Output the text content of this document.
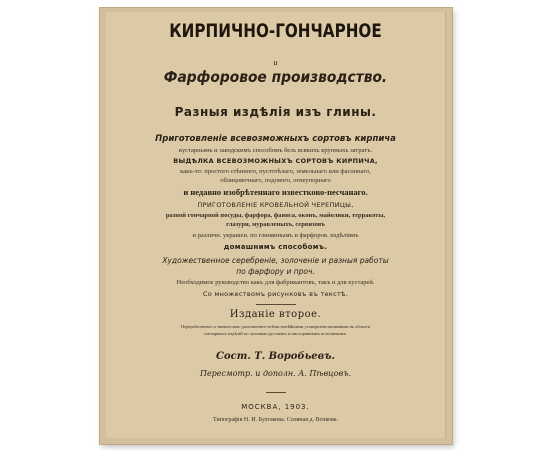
КИРПИЧНО-ГОНЧАРНОЕ
и
Фарфоровое производство.
Разныя издѣлія изъ глины.
Приготовленіе всевозможныхъ сортовъ кирпича
кустарнымъ и заводскимъ способомъ безъ всякихъ крупныхъ затратъ.
ВЫДѢЛКА ВСЕВОЗМОЖНЫХЪ СОРТОВЪ КИРПИЧА,
какъ-то: простого стѣнного, пустотѣлаго, земельнаго или фасоннаго,
облицовочнаго, подового, огнеупорнаго
и недавно изобрѣтеннаго известково-песчанаго.
ПРИГОТОВЛЕНІЕ КРОВЕЛЬНОЙ ЧЕРЕПИЦЫ,
разной гончарной посуды, фарфора, фаянса, оконъ, майолики, терракоты,
глазури, муравленыхъ, сервизовъ
и различн. украшен. по глиняннымъ и фарфоров. издѣліямъ
домашнимъ способомъ.
Художественное серебреніе, золоченіе и разныя работы
по фарфору и проч.
Необходимое руководство какъ для фабрикантовъ, такъ и для кустарей.
Со множествомъ рисунковъ въ текстѣ.
Изданіе второе.
Переработанное и значительно дополненное всѣми новѣйшими усовершенствованіями въ области
гончарныхъ издѣлій по лучшимъ русскимъ и иностраннымъ источникамъ.
Сост. Т. Воробьевъ.
Пересмотр. и дополн. А. Пѣвцовъ.
МОСКВА, 1903.
Типографія Н. И. Булгакова. Соляная д. Волкова.
